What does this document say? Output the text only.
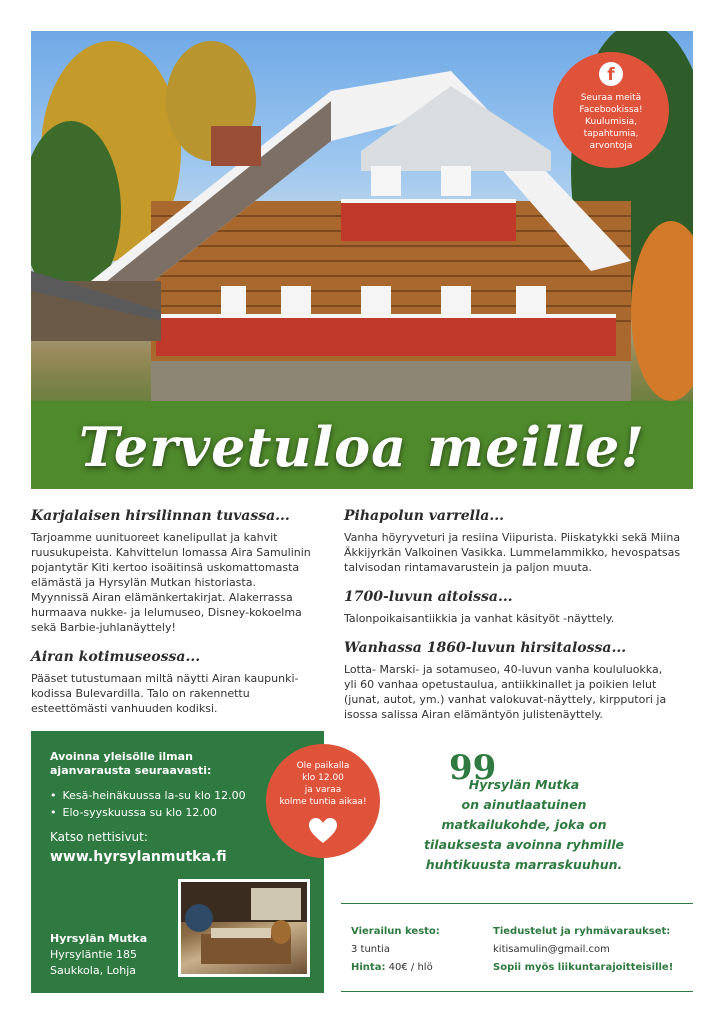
Tervetuloa meille!
f
Seuraa meitä
Facebookissa!
Kuulumisia,
tapahtumia,
arvontoja
Karjalaisen hirsilinnan tuvassa...
Tarjoamme uunituoreet kanelipullat ja kahvit
ruusukupeista. Kahvittelun lomassa Aira Samulinin
pojantytär Kiti kertoo isoäitinsä uskomattomasta
elämästä ja Hyrsylän Mutkan historiasta.
Myynnissä Airan elämänkertakirjat. Alakerrassa
hurmaava nukke- ja lelumuseo, Disney-kokoelma
sekä Barbie-juhlanäyttely!
Airan kotimuseossa...
Pääset tutustumaan miltä näytti Airan kaupunki-
kodissa Bulevardilla. Talo on rakennettu
esteettömästi vanhuuden kodiksi.
Pihapolun varrella...
Vanha höyryveturi ja resiina Viipurista. Piiskatykki sekä Miina
Äkkijyrkän Valkoinen Vasikka. Lummelammikko, hevospatsas
talvisodan rintamavarustein ja paljon muuta.
1700-luvun aitoissa...
Talonpoikaisantiikkia ja vanhat käsityöt -näyttely.
Wanhassa 1860-luvun hirsitalossa...
Lotta- Marski- ja sotamuseo, 40-luvun vanha koululuokka,
yli 60 vanhaa opetustaulua, antiikkinallet ja poikien lelut
(junat, autot, ym.) vanhat valokuvat-näyttely, kirpputori ja
isossa salissa Airan elämäntyön julistenäyttely.
Avoinna yleisölle ilman
ajanvarausta seuraavasti:
• Kesä-heinäkuussa la-su klo 12.00
• Elo-syyskuussa su klo 12.00
Katso nettisivut:
www.hyrsylanmutka.fi
Hyrsylän Mutka
Hyrsyläntie 185
Saukkola, Lohja
Ole paikalla
klo 12.00
ja varaa
kolme tuntia aikaa!
99
Hyrsylän Mutka
on ainutlaatuinen
matkailukohde, joka on
tilauksesta avoinna ryhmille
huhtikuusta marraskuuhun.
Vierailun kesto:
3 tuntia
Hinta: 40€ / hlö
Tiedustelut ja ryhmävaraukset:
kitisamulin@gmail.com
Sopii myös liikuntarajoitteisille!
